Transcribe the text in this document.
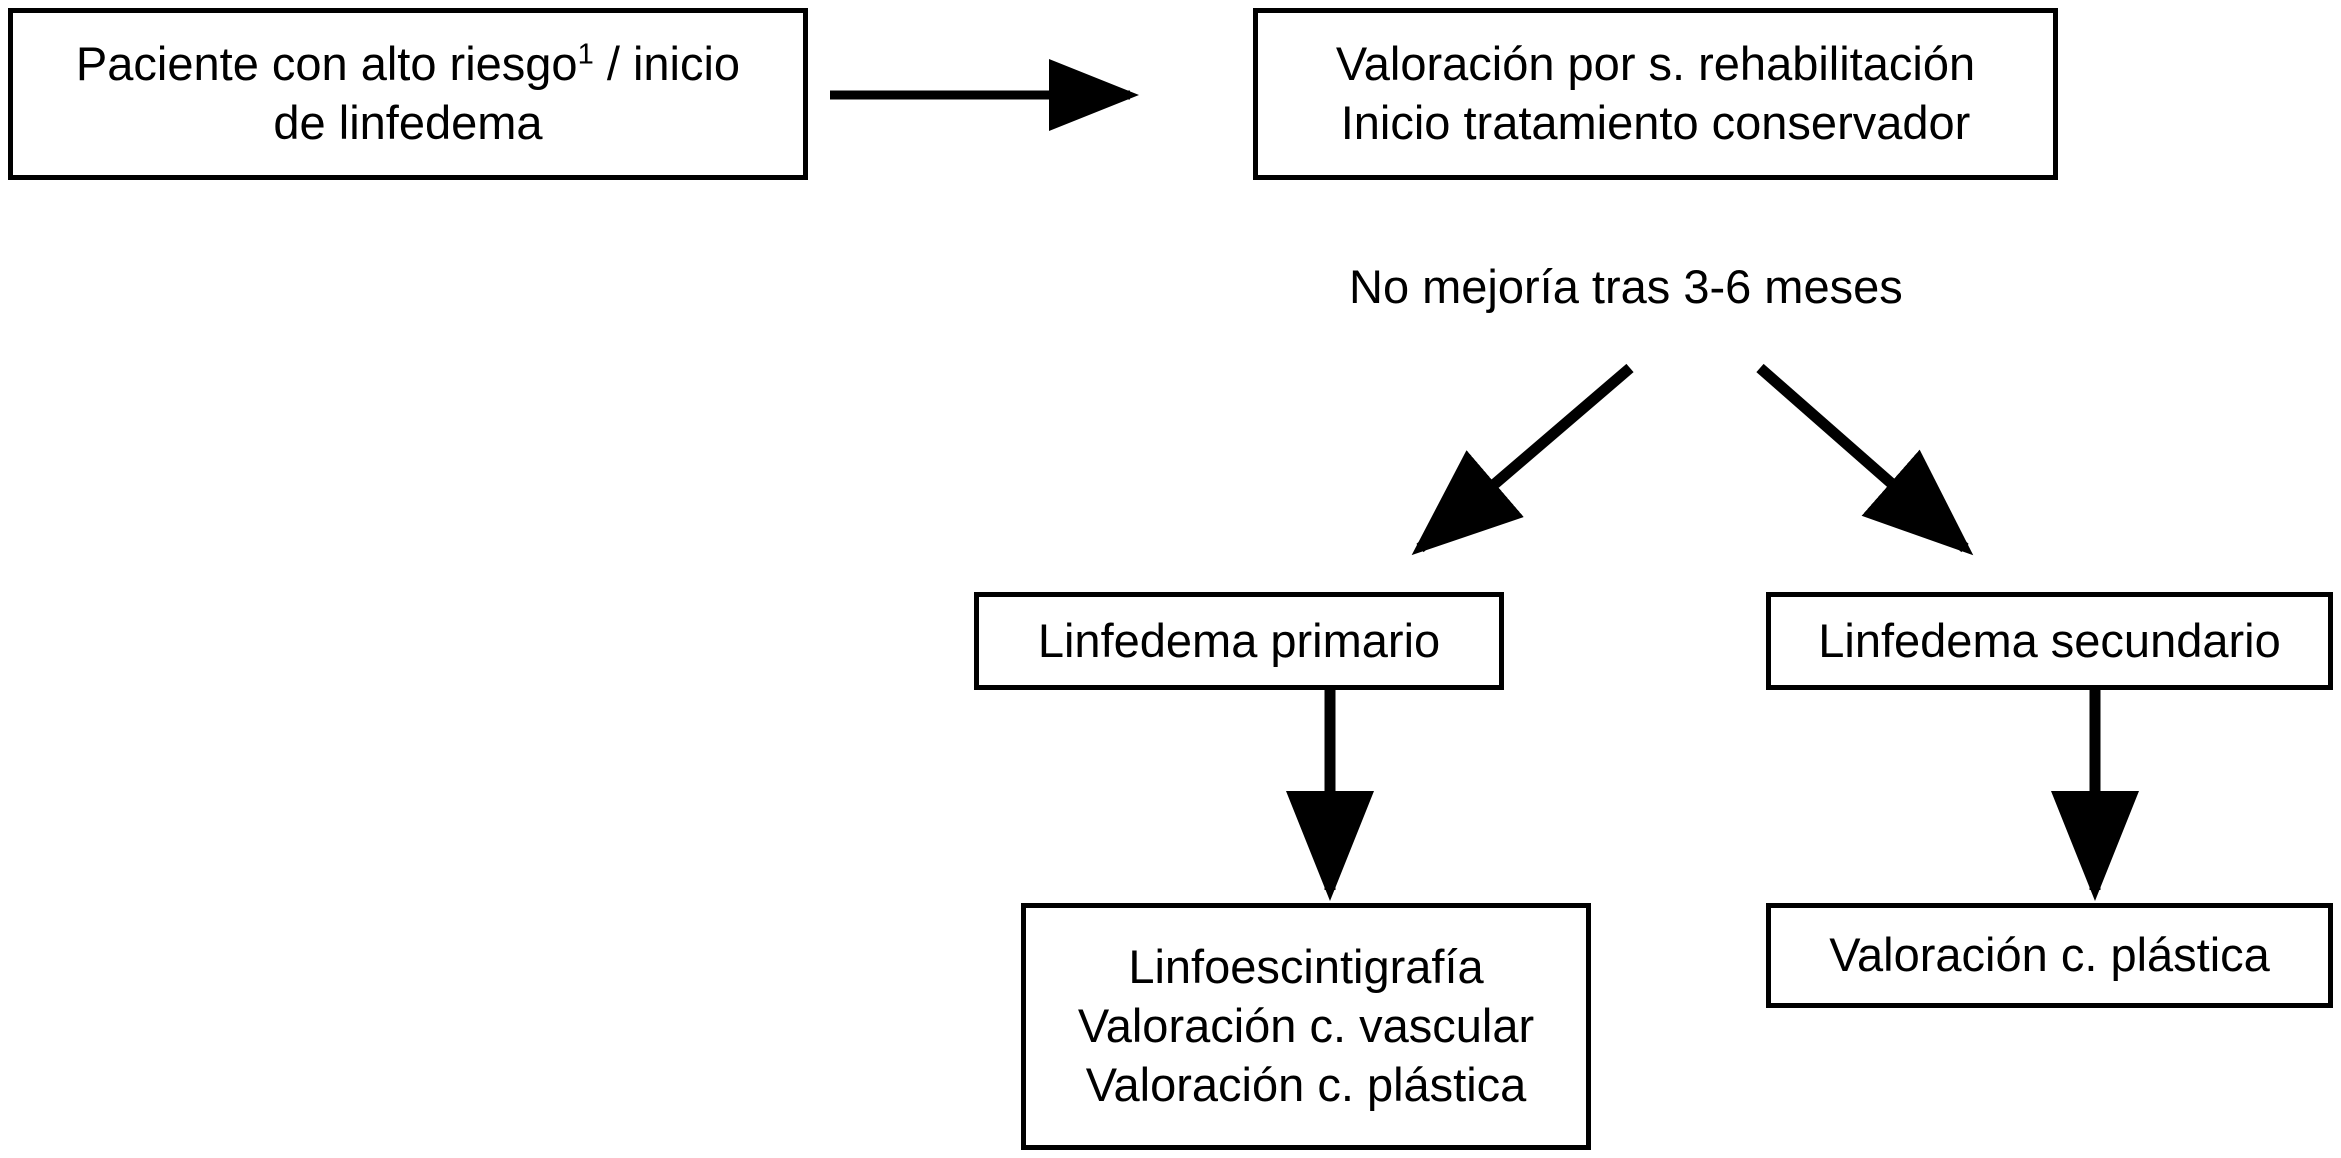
Paciente con alto riesgo$^1$ / inicio
de linfedema
Valoración por s. rehabilitación
Inicio tratamiento conservador
No mejoría tras 3-6 meses
Linfedema primario	Linfedema secundario
Linfoescintigrafía
Valoración c. vascular
Valoración c. plástica
Valoración c. plástica
